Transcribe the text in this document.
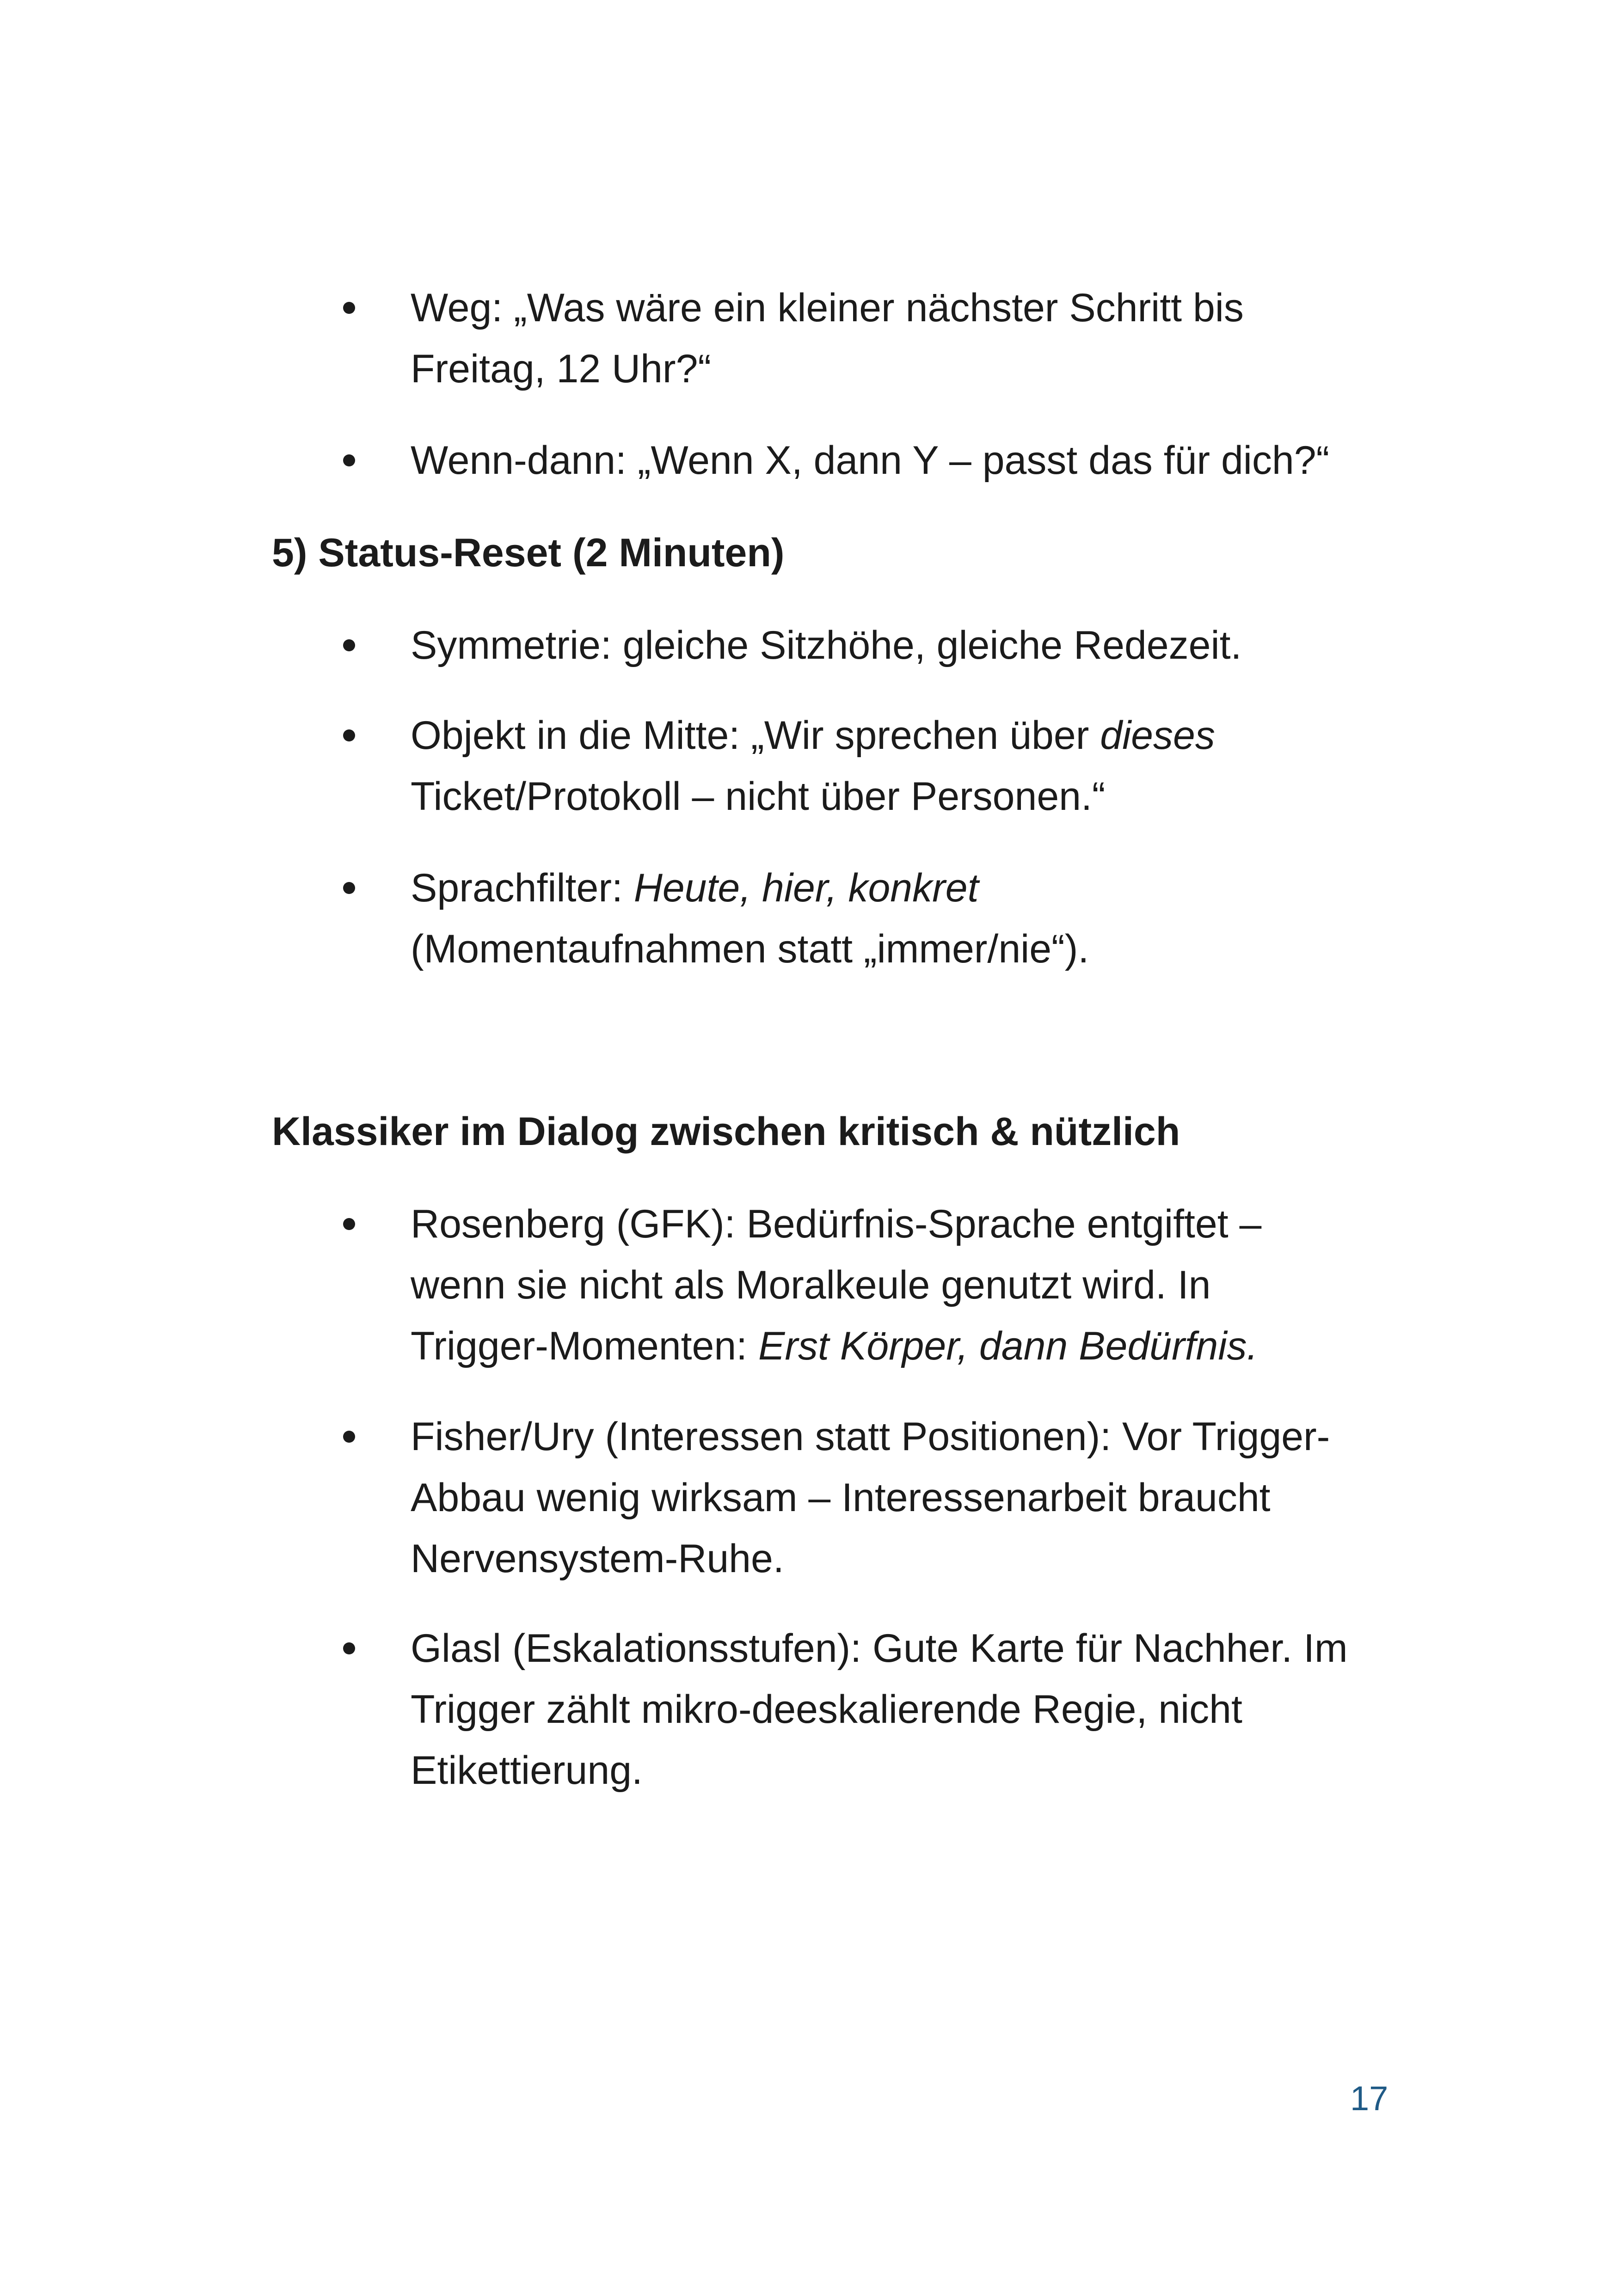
Weg: „Was wäre ein kleiner nächster Schritt bis
Freitag, 12 Uhr?“
Wenn-dann: „Wenn X, dann Y – passt das für dich?“
5) Status-Reset (2 Minuten)
Symmetrie: gleiche Sitzhöhe, gleiche Redezeit.
Objekt in die Mitte: „Wir sprechen über dieses
Ticket/Protokoll – nicht über Personen.“
Sprachfilter: Heute, hier, konkret
(Momentaufnahmen statt „immer/nie“).
Klassiker im Dialog zwischen kritisch & nützlich
Rosenberg (GFK): Bedürfnis-Sprache entgiftet –
wenn sie nicht als Moralkeule genutzt wird. In
Trigger-Momenten: Erst Körper, dann Bedürfnis.
Fisher/Ury (Interessen statt Positionen): Vor Trigger-
Abbau wenig wirksam – Interessenarbeit braucht
Nervensystem-Ruhe.
Glasl (Eskalationsstufen): Gute Karte für Nachher. Im
Trigger zählt mikro-deeskalierende Regie, nicht
Etikettierung.
17
